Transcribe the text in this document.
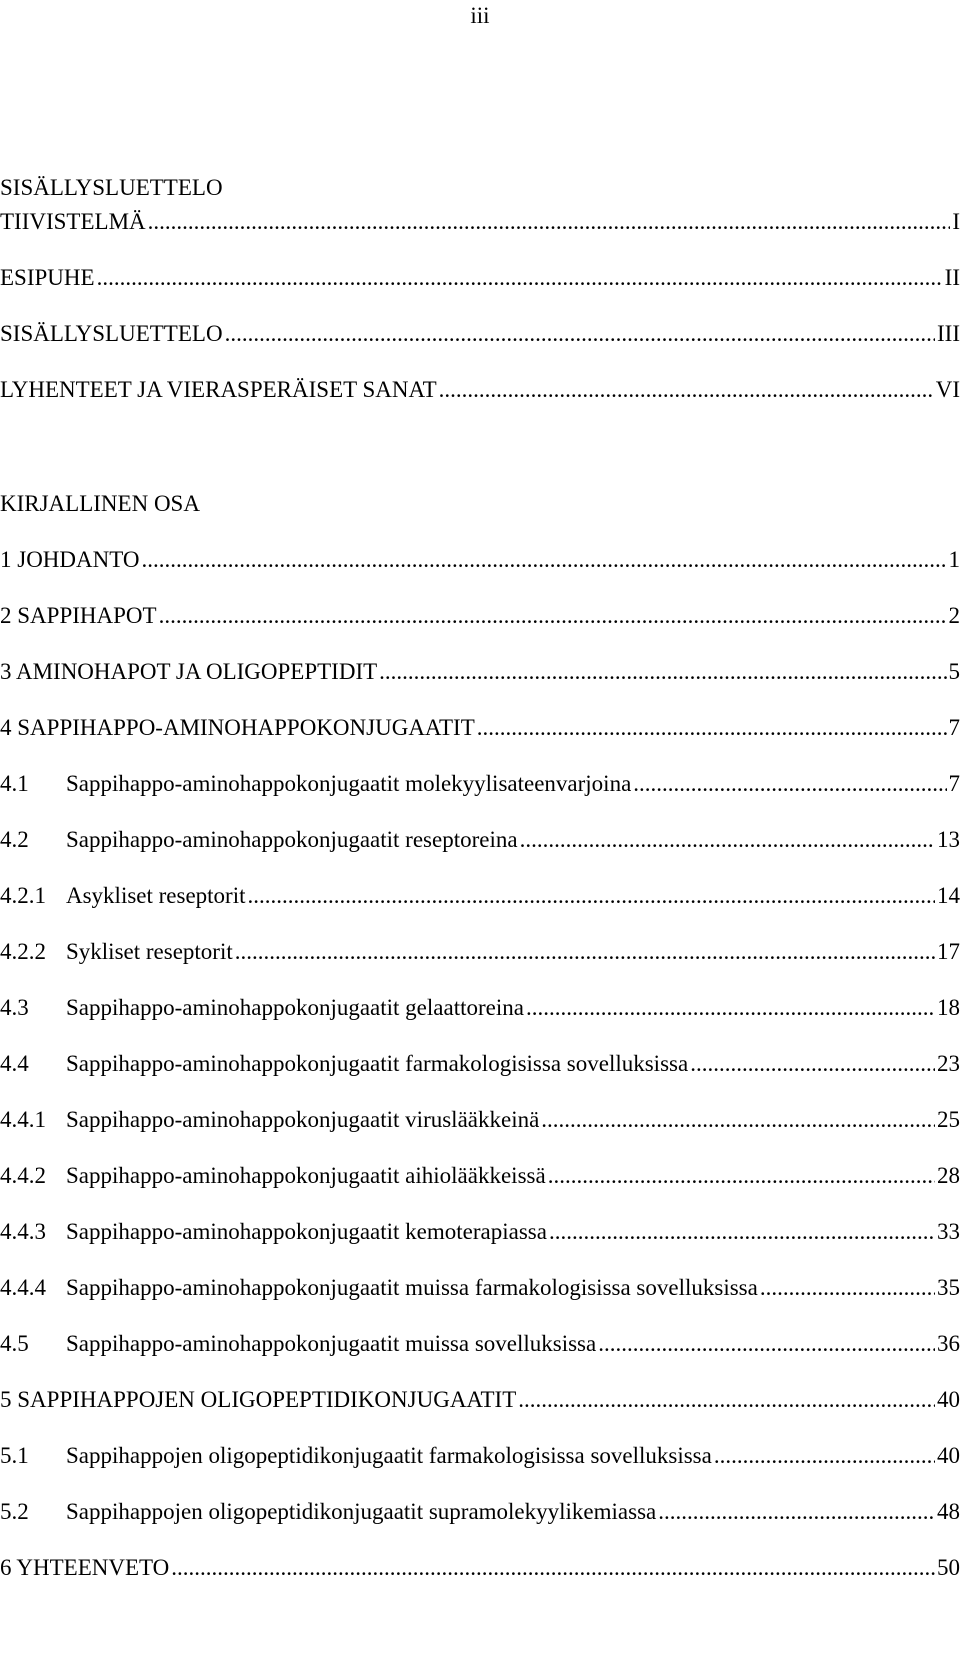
iii
SISÄLLYSLUETTELO
TIIVISTELMÄ .....	I
ESIPUHE .....	II
SISÄLLYSLUETTELO .....	III
LYHENTEET JA VIERASPERÄISET SANAT .....	VI
KIRJALLINEN OSA
1 JOHDANTO .....	1
2 SAPPIHAPOT .....	2
3 AMINOHAPOT JA OLIGOPEPTIDIT .....	5
4 SAPPIHAPPO-AMINOHAPPOKONJUGAATIT .....	7
4.1	Sappihappo-aminohappokonjugaatit molekyylisateenvarjoina .....	7
4.2	Sappihappo-aminohappokonjugaatit reseptoreina .....	13
4.2.1 Asykliset reseptorit .....	14
4.2.2 Sykliset reseptorit .....	17
4.3	Sappihappo-aminohappokonjugaatit gelaattoreina .....	18
4.4	Sappihappo-aminohappokonjugaatit farmakologisissa sovelluksissa .....	23
4.4.1 Sappihappo-aminohappokonjugaatit viruslääkkeinä .....	25
4.4.2 Sappihappo-aminohappokonjugaatit aihiolääkkeissä .....	28
4.4.3 Sappihappo-aminohappokonjugaatit kemoterapiassa .....	33
4.4.4 Sappihappo-aminohappokonjugaatit muissa farmakologisissa sovelluksissa .....	35
4.5	Sappihappo-aminohappokonjugaatit muissa sovelluksissa .....	36
5 SAPPIHAPPOJEN OLIGOPEPTIDIKONJUGAATIT .....	40
5.1	Sappihappojen oligopeptidikonjugaatit farmakologisissa sovelluksissa .....	40
5.2	Sappihappojen oligopeptidikonjugaatit supramolekyylikemiassa .....	48
6 YHTEENVETO .....	50
